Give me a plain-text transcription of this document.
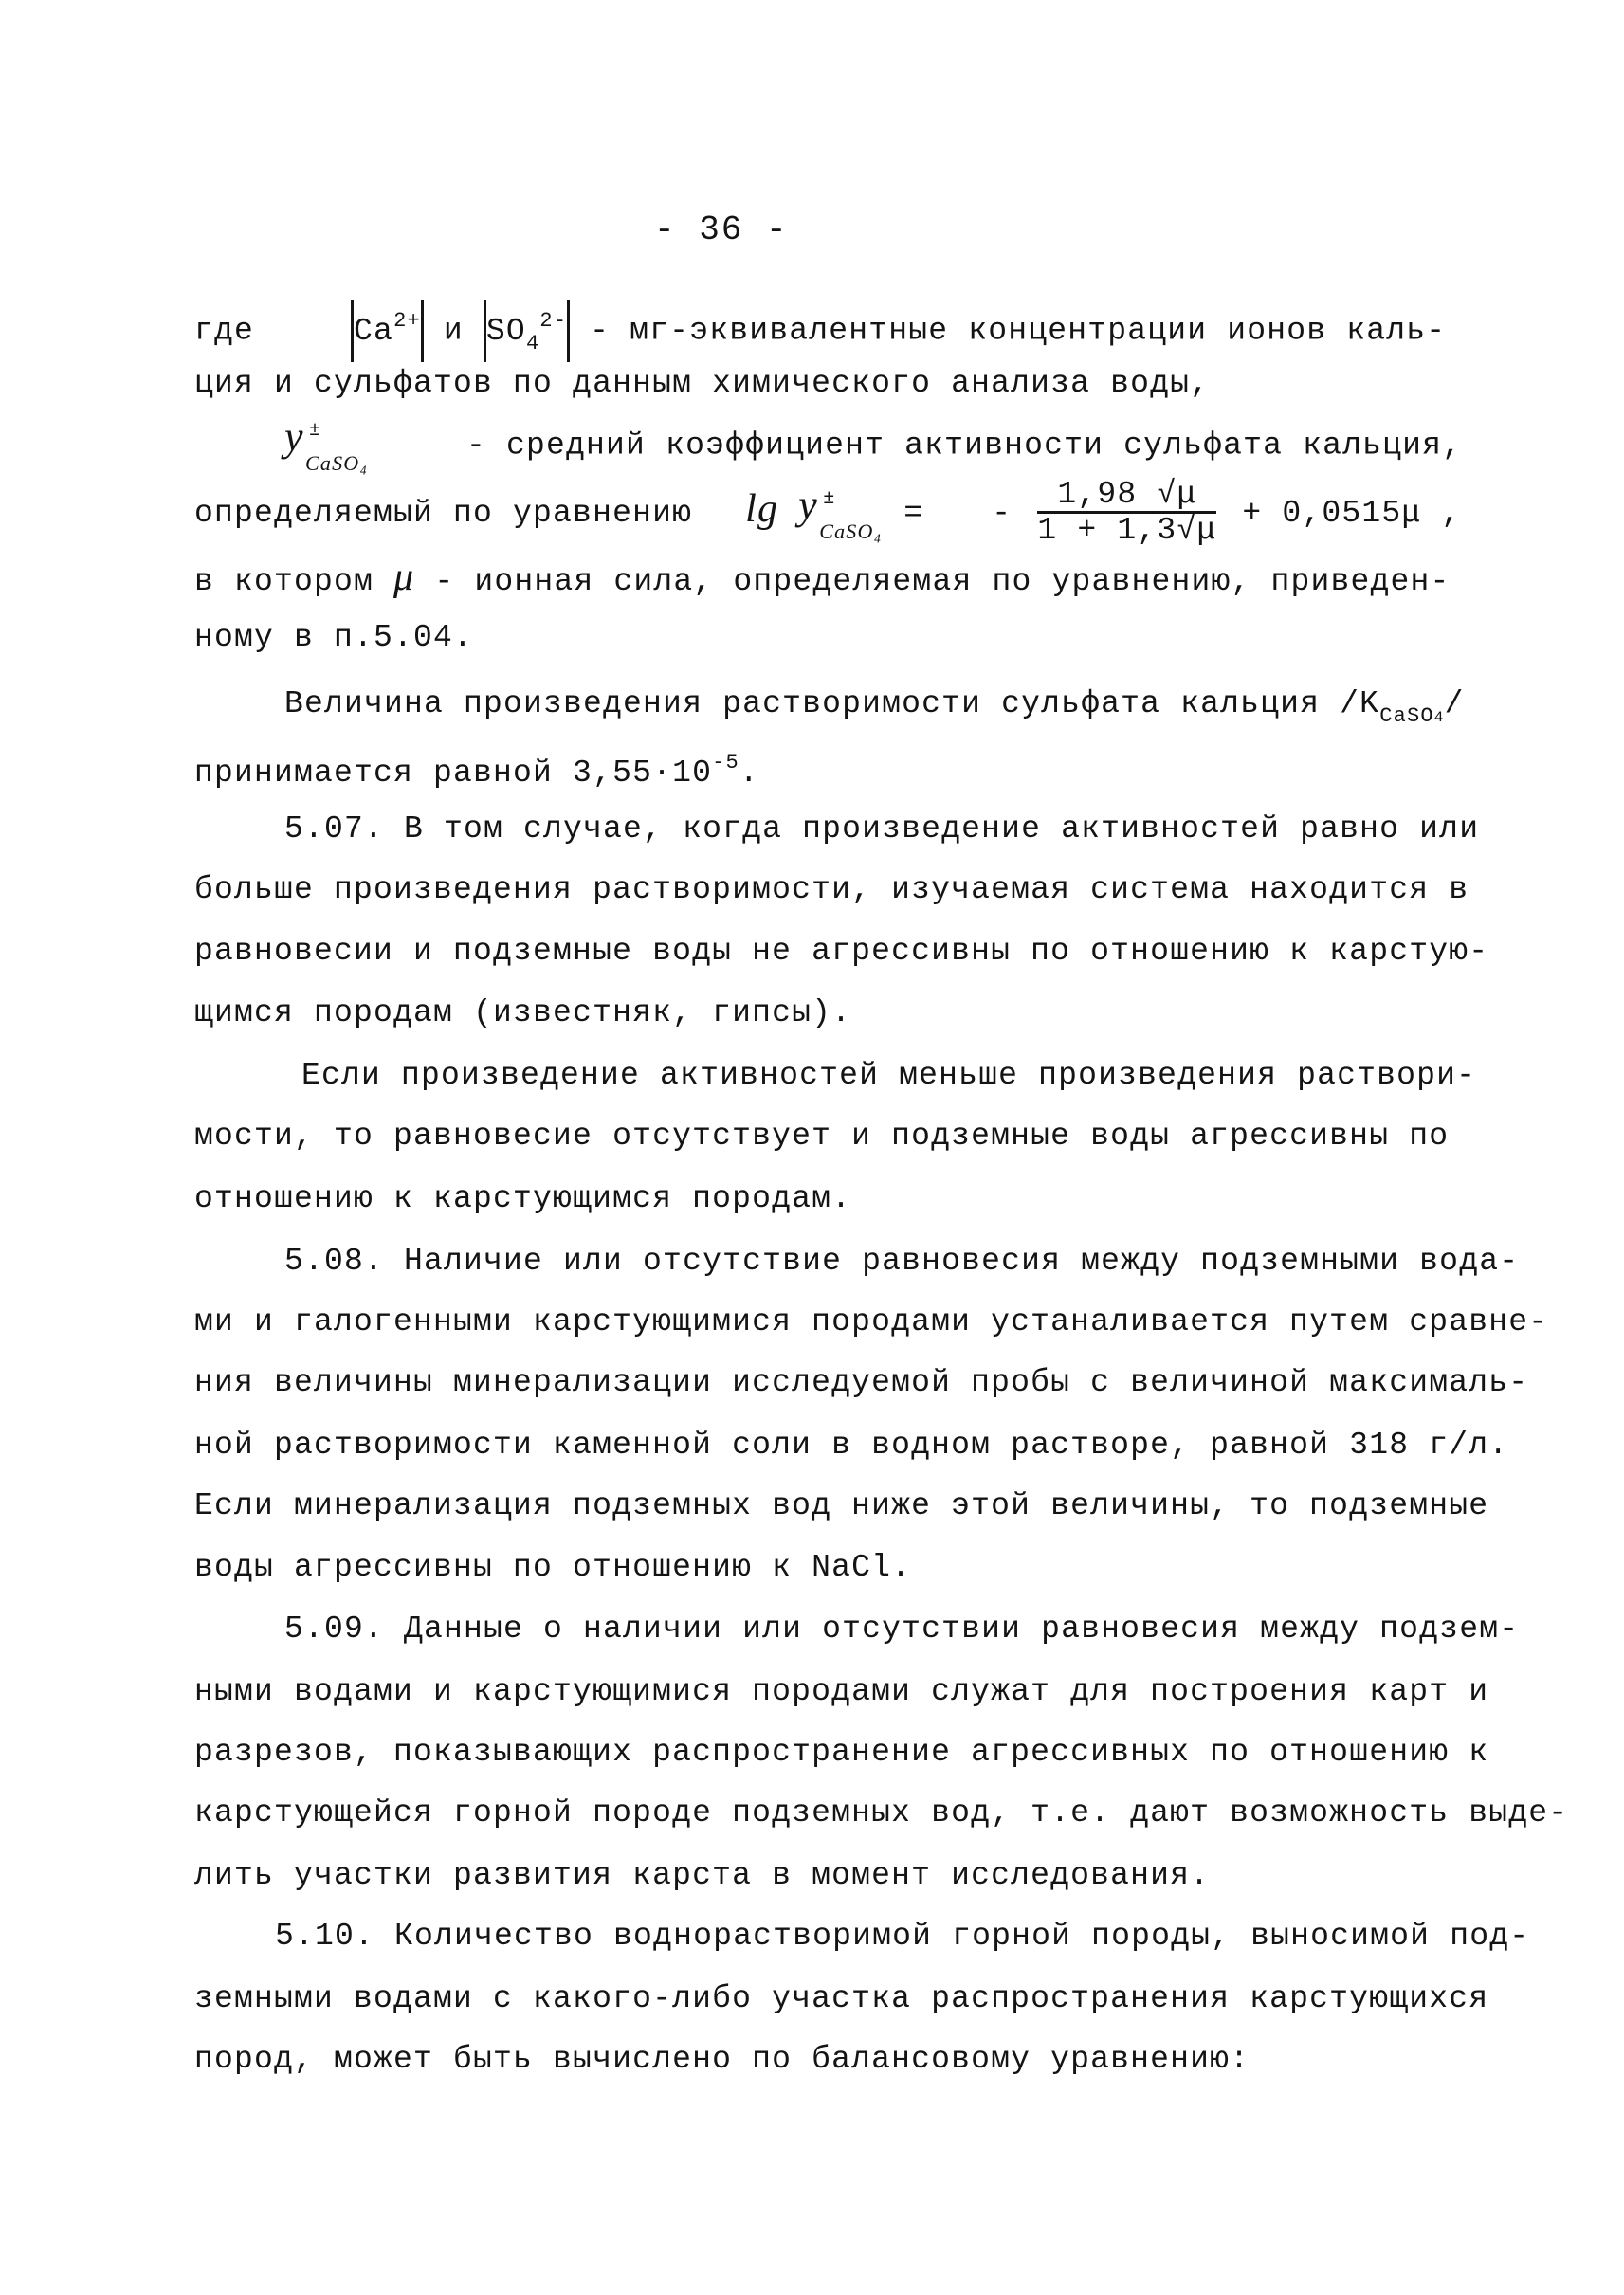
- 36 -
где	$Ca^{2+}$ и $SO_4^{2-}$ - мг-эквивалентные концентрации ионов каль-
ция и сульфатов по данным химического анализа воды,
y ±
CaSO₄	- средний коэффициент активности сульфата кальция,
определяемый по уравнению lg y ±
CaSO₄ = - $\frac{1,98 √\mu}{1 + 1,3√\mu} + 0,0515\mu$ ,
в котором μ - ионная сила, определяемая по уравнению, приведен-
ному в п.5.04.
Величина произведения растворимости сульфата кальция $/K_{CaSO4}/$
принимается равной $3,55\cdot 10^{-5}$.
5.07. В том случае, когда произведение активностей равно или
больше произведения растворимости, изучаемая система находится в
равновесии и подземные воды не агрессивны по отношению к карстую-
щимся породам (известняк, гипсы).
Если произведение активностей меньше произведения раствори-
мости, то равновесие отсутствует и подземные воды агрессивны по
отношению к карстующимся породам.
5.08. Наличие или отсутствие равновесия между подземными вода-
ми и галогенными карстующимися породами устаналивается путем сравне-
ния величины минерализации исследуемой пробы с величиной максималь-
ной растворимости каменной соли в водном растворе, равной 318 г/л.
Если минерализация подземных вод ниже этой величины, то подземные
воды агрессивны по отношению к NaCl.
5.09. Данные о наличии или отсутствии равновесия между подзем-
ными водами и карстующимися породами служат для построения карт и
разрезов, показывающих распространение агрессивных по отношению к
карстующейся горной породе подземных вод, т.е. дают возможность выде-
лить участки развития карста в момент исследования.
5.10. Количество воднорастворимой горной породы, выносимой под-
земными водами с какого-либо участка распространения карстующихся
пород, может быть вычислено по балансовому уравнению:
